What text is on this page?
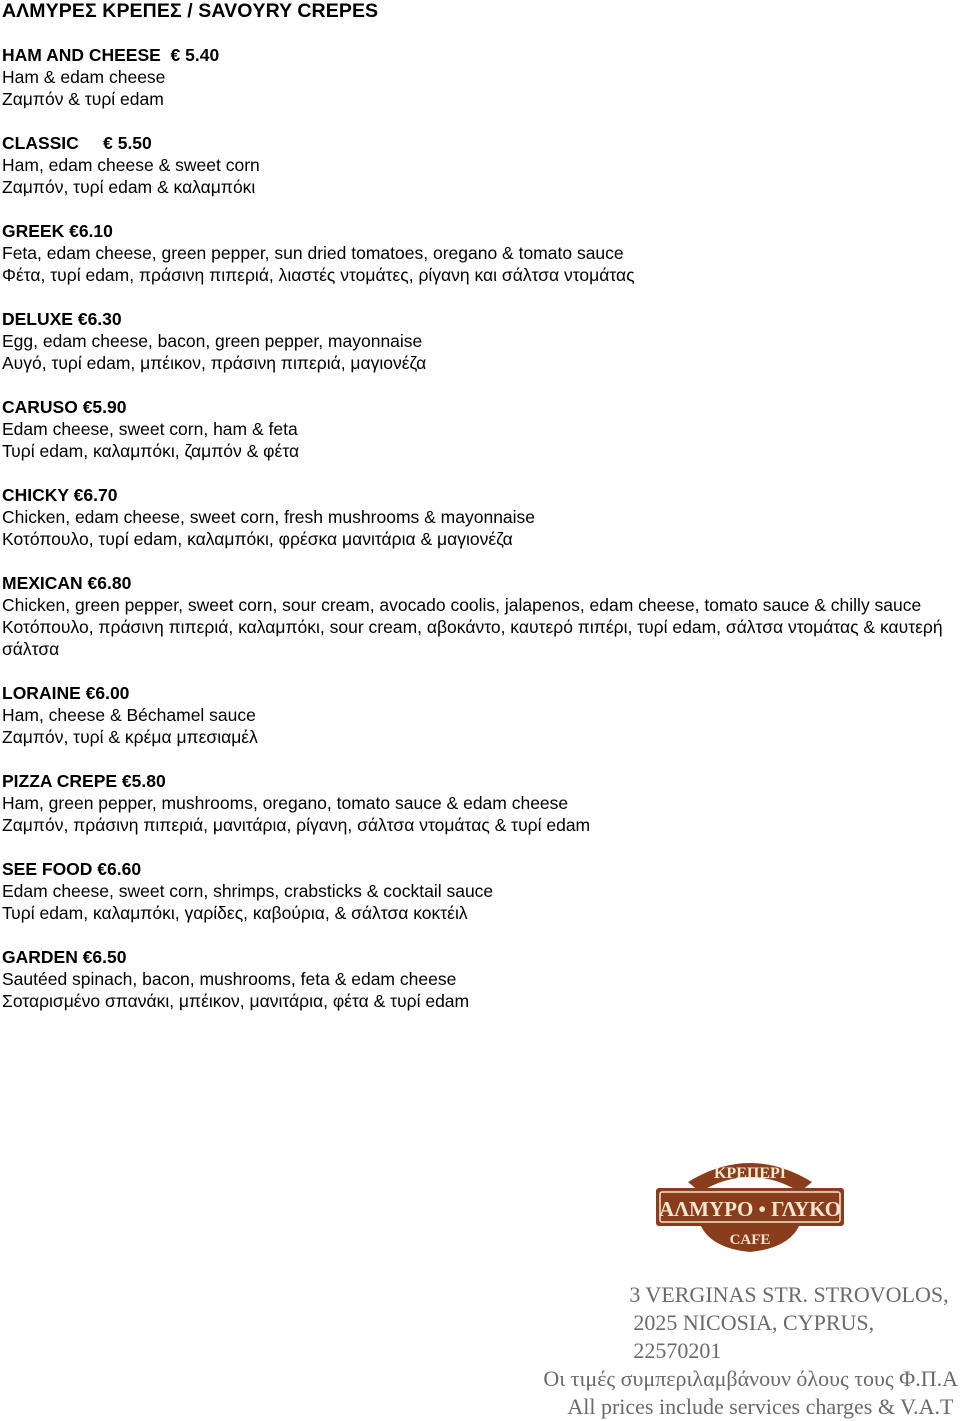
ΑΛΜΥΡΕΣ ΚΡΕΠΕΣ / SAVOYRY CREPES
HAM AND CHEESE  € 5.40
Ham & edam cheese
Ζαμπόν & τυρί edam
CLASSIC     € 5.50
Ham, edam cheese & sweet corn
Ζαμπόν, τυρί edam & καλαμπόκι
GREEK €6.10
Feta, edam cheese, green pepper, sun dried tomatoes, oregano & tomato sauce
Φέτα, τυρί edam, πράσινη πιπεριά, λιαστές ντομάτες, ρίγανη και σάλτσα ντομάτας
DELUXE €6.30
Egg, edam cheese, bacon, green pepper, mayonnaise
Αυγό, τυρί edam, μπέικον, πράσινη πιπεριά, μαγιονέζα
CARUSO €5.90
Edam cheese, sweet corn, ham & feta
Τυρί edam, καλαμπόκι, ζαμπόν & φέτα
CHICKY €6.70
Chicken, edam cheese, sweet corn, fresh mushrooms & mayonnaise
Κοτόπουλο, τυρί edam, καλαμπόκι, φρέσκα μανιτάρια & μαγιονέζα
MEXICAN €6.80
Chicken, green pepper, sweet corn, sour cream, avocado coolis, jalapenos, edam cheese, tomato sauce & chilly sauce
Κοτόπουλο, πράσινη πιπεριά, καλαμπόκι, sour cream, αβοκάντο, καυτερό πιπέρι, τυρί edam, σάλτσα ντομάτας & καυτερή σάλτσα
LORAINE €6.00
Ham, cheese & Béchamel sauce
Ζαμπόν, τυρί & κρέμα μπεσιαμέλ
PIZZA CREPE €5.80
Ham, green pepper, mushrooms, oregano, tomato sauce & edam cheese
Ζαμπόν, πράσινη πιπεριά, μανιτάρια, ρίγανη, σάλτσα ντομάτας & τυρί edam
SEE FOOD €6.60
Edam cheese, sweet corn, shrimps, crabsticks & cocktail sauce
Τυρί edam, καλαμπόκι, γαρίδες, καβούρια, & σάλτσα κοκτέιλ
GARDEN €6.50
Sautéed spinach, bacon, mushrooms, feta & edam cheese
Σοταρισμένο σπανάκι, μπέικον, μανιτάρια, φέτα & τυρί edam
ΚΡΕΠΕΡΙ
ΑΛΜΥΡΟ • ΓΛΥΚΟ
CAFE
3 VERGINAS STR. STROVOLOS,
2025 NICOSIA, CYPRUS,
22570201
Οι τιμές συμπεριλαμβάνουν όλους τους Φ.Π.Α
All prices include services charges & V.A.T
